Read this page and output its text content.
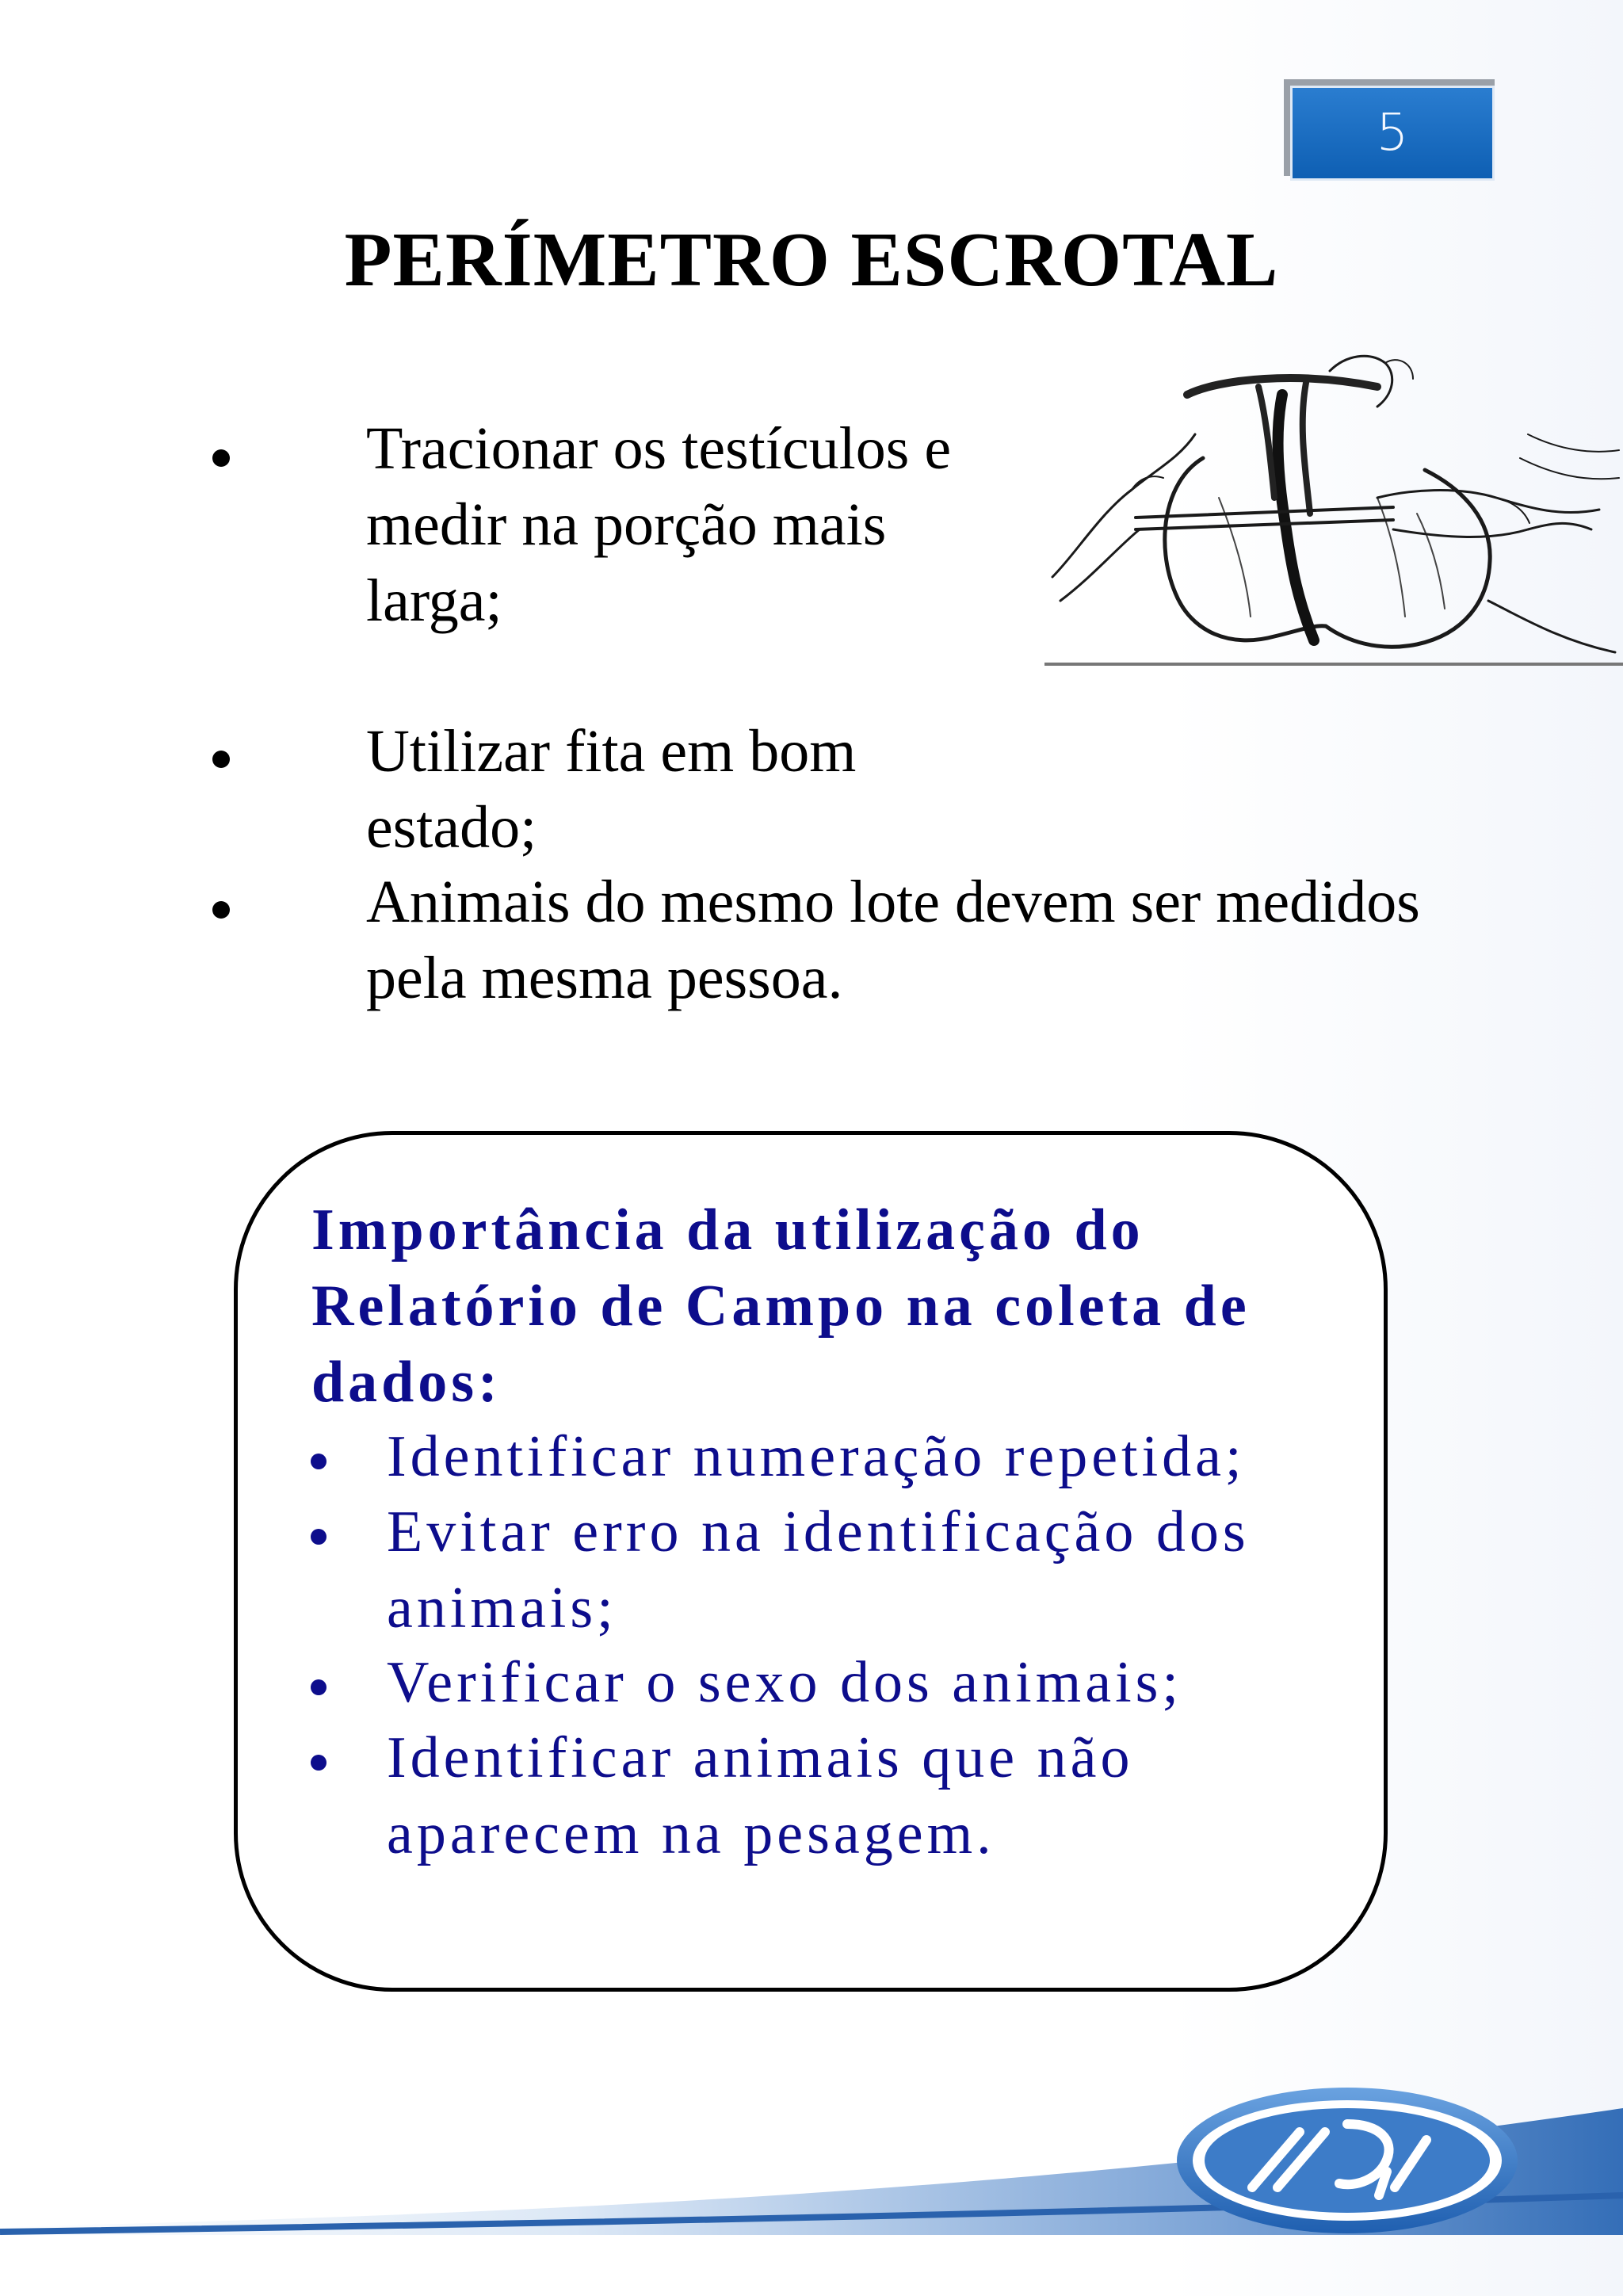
5
PERÍMETRO ESCROTAL
Tracionar os testículos e medir na porção mais larga;
Utilizar fita em bom estado;
Animais do mesmo lote devem ser medidos pela mesma pessoa.
Importância da utilização do Relatório de Campo na coleta de dados:
Identificar numeração repetida;
Evitar erro na identificação dos animais;
Verificar o sexo dos animais;
Identificar animais que não aparecem na pesagem.
